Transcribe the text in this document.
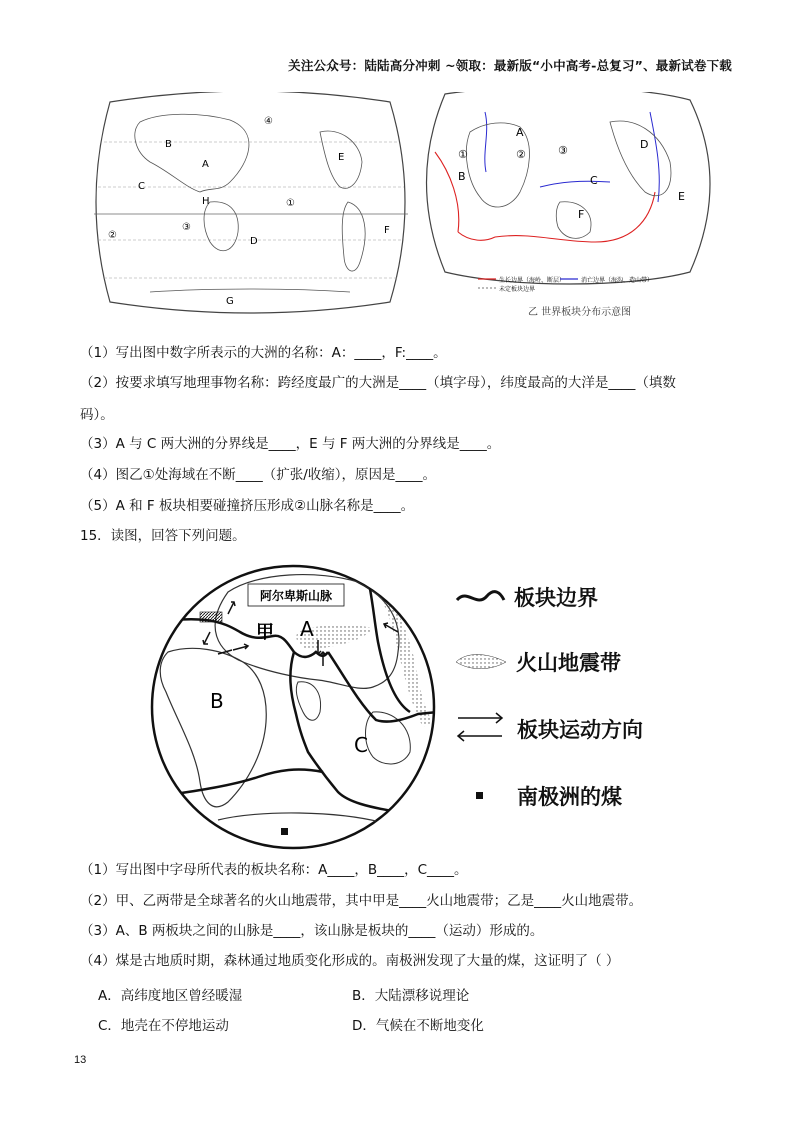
关注公众号：陆陆高分冲刺 ~领取：最新版“小中高考-总复习”、最新试卷下载
B
A
C
H
D
E
F
G
④
①
③
②
A
B	C
D
E
F
①	②	③
生长边界（海岭、断层）	消亡边界（海沟、造山带）
未定板块边界
乙 世界板块分布示意图
（1）写出图中数字所表示的大洲的名称：A：____，F:____。
（2）按要求填写地理事物名称：跨经度最广的大洲是____（填字母），纬度最高的大洋是____（填数
码）。
（3）A 与 C 两大洲的分界线是____，E 与 F 两大洲的分界线是____。
（4）图乙①处海域在不断____（扩张/收缩），原因是____。
（5）A 和 F 板块相要碰撞挤压形成②山脉名称是____。
15．读图，回答下列问题。
阿尔卑斯山脉
甲 A
B
C
板块边界
火山地震带
板块运动方向
南极洲的煤
（1）写出图中字母所代表的板块名称：A____，B____，C____。
（2）甲、乙两带是全球著名的火山地震带，其中甲是____火山地震带；乙是____火山地震带。
（3）A、B 两板块之间的山脉是____，该山脉是板块的____（运动）形成的。
（4）煤是古地质时期，森林通过地质变化形成的。南极洲发现了大量的煤，这证明了（ ）
A．高纬度地区曾经暖湿	B．大陆漂移说理论
C．地壳在不停地运动	D．气候在不断地变化
13
